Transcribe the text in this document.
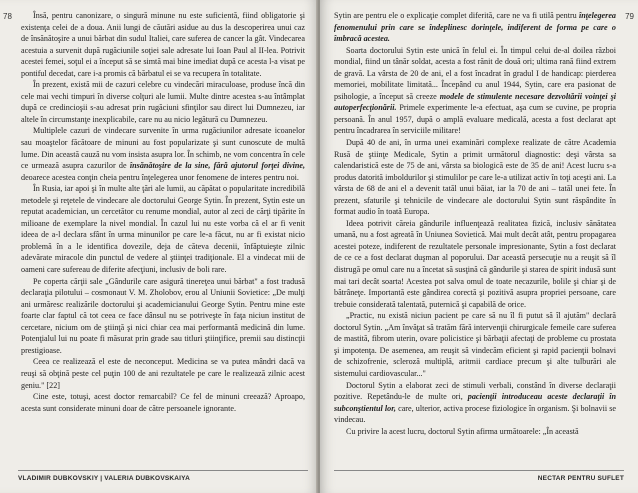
78	Însă, pentru canonizare, o singură minune nu este suficientă, fiind obligatorie şi existenţa celei de a doua. Anii lungi de căutări asidue au dus la descoperirea unui caz de însănătoşire a unui bărbat din sudul Italiei, care suferea de cancer la gât. Vindecarea acestuia a survenit după rugăciunile soţiei sale adresate lui Ioan Paul al II-lea. Potrivit acestei femei, soţul ei a început să se simtă mai bine imediat după ce acesta l-a visat pe pontiful decedat, care i-a promis că bărbatul ei se va recupera în totalitate.

În prezent, există mii de cazuri celebre cu vindecări miraculoase, produse încă din cele mai vechi timpuri în diverse colţuri ale lumii. Multe dintre acestea s-au întâmplat după ce credincioşii s-au adresat prin rugăciuni sfinţilor sau direct lui Dumnezeu, iar altele în circumstanţe inexplicabile, care nu au nicio legătură cu Dumnezeu.

Multiplele cazuri de vindecare survenite în urma rugăciunilor adresate icoanelor sau moaştelor făcătoare de minuni au fost popularizate şi sunt cunoscute de multă lume. Din această cauză nu vom insista asupra lor. În schimb, ne vom concentra în cele ce urmează asupra cazurilor de însănătoşire de la sine, fără ajutorul forţei divine, deoarece acestea conţin cheia pentru înţelegerea unor fenomene de interes pentru noi.

În Rusia, iar apoi şi în multe alte ţări ale lumii, au căpătat o popularitate incredibilă metodele şi reţetele de vindecare ale doctorului George Sytin. În prezent, Sytin este un reputat academician, un cercetător cu renume mondial, autor al zeci de cărţi tipărite în milioane de exemplare la nivel mondial. În cazul lui nu este vorba că el ar fi venit ideea de a-l declara sfânt în urma minunilor pe care le-a făcut, nu ar fi existat nicio problemă în a le identifica dovezile, deja de căteva decenii, înfăptuieşte zilnic adevărate miracole din punctul de vedere al ştiinţei tradiţionale. El a vindecat mii de oameni care sufereau de diferite afecţiuni, inclusiv de boli rare.

Pe coperta cărţii sale „Gândurile care asigură tinereţea unui bărbat" a fost tradusă declaraţia pilotului – cosmonaut V. M. Zholobov, erou al Uniunii Sovietice: „De mulţi ani urmăresc realizările doctorului şi academicianului George Sytin. Pentru mine este foarte clar faptul că tot ceea ce face dânsul nu se potriveşte în faţa niciun institut de cercetare, nicium om de ştiinţă şi nici chiar cea mai performantă medicină din lume. Potenţialul lui nu poate fi măsurat prin grade sau titluri ştiinţifice, premii sau distincţii prestigioase.

Ceea ce realizează el este de neconceput. Medicina se va putea mândri dacă va reuşi să obţină peste cel puţin 100 de ani rezultatele pe care le realizează zilnic acest geniu." [22]

Cine este, totuşi, acest doctor remarcabil? Ce fel de minuni creează? Aproapo, acesta sunt considerate minuni doar de către persoanele ignorante.

VLADIMIR DUBKOVSKIY | VALERIA DUBKOVSKAIYA
79

Sytin are pentru ele o explicaţie complet diferită, care ne va fi utilă pentru înţelegerea fenomenului prin care se îndeplinesc dorinţele, indiferent de forma pe care o îmbracă acestea.

Soarta doctorului Sytin este unică în felul ei. În timpul celui de-al doilea război mondial, fiind un tânăr soldat, acesta a fost rănit de două ori; ultima rană fiind extrem de gravă. La vârsta de 20 de ani, el a fost încadrat în gradul I de handicap: pierderea memoriei, mobilitate limitată... Începând cu anul 1944, Sytin, care era pasionat de psihologie, a început să creeze modele de stimulente necesare dezvoltării voinţei şi autoperfecţionării. Primele experimente le-a efectuat, aşa cum se cuvine, pe propria persoană. În anul 1957, după o amplă evaluare medicală, acesta a fost declarat apt pentru încadrarea în serviciile militare!

După 40 de ani, în urma unei examinări complexe realizate de către Academia Rusă de ştiinţe Medicale, Sytin a primit următorul diagnostic: deşi vârsta sa calendaristică este de 75 de ani, vârsta sa biologică este de 35 de ani! Acest lucru s-a produs datorită imboldurilor şi stimulilor pe care le-a utilizat activ în toţi aceşti ani. La vârsta de 68 de ani el a devenit tatăl unui băiat, iar la 70 de ani – tatăl unei fete. În prezent, sfaturile şi tehnicile de vindecare ale doctorului Sytin sunt răspândite în format audio în toată Europa.

Ideea potrivit căreia gândurile influenţează realitatea fizică, inclusiv sănătatea umană, nu a fost agreată în Uniunea Sovietică. Mai mult decât atât, pentru propagarea acestei poteze, indiferent de rezultatele personale impresionante, Sytin a fost declarat de ce ce a fost declarat duşman al poporului. Dar această persecuţie nu a reuşit să îl distrugă pe omul care nu a încetat să susţină că gândurile şi starea de spirit indusă sunt mai tari decât soarta! Acestea pot salva omul de toate necazurile, bolile şi chiar şi de bătrâneţe. Importantă este gândirea corectă şi pozitivă asupra propriei persoane, care trebuie considerată talentată, puternică şi capabilă de orice.

„Practic, nu există niciun pacient pe care să nu îl fi putut să îl ajutăm" declară doctorul Sytin. „Am învăţat să tratăm fără intervenţii chirurgicale femeile care suferea de mastită, fibrom uterin, ovare policistice şi bărbaţii afectaţi de probleme cu prostata şi impotenţa. De asemenea, am reuşit să vindecăm eficient şi rapid pacienţii bolnavi de schizofrenie, scleroză multiplă, aritmii cardiace precum şi alte tulburări ale sistemului cardiovascular..."

Doctorul Sytin a elaborat zeci de stimuli verbali, constând în diverse declaraţii pozitive. Repetându-le de multe ori, pacienţii introduceau aceste declaraţii în subconştientul lor, care, ulterior, activa procese fiziologice în organism. Şi bolnavii se vindecau.

Cu privire la acest lucru, doctorul Sytin afirma următoarele: „În această

NECTAR PENTRU SUFLET
